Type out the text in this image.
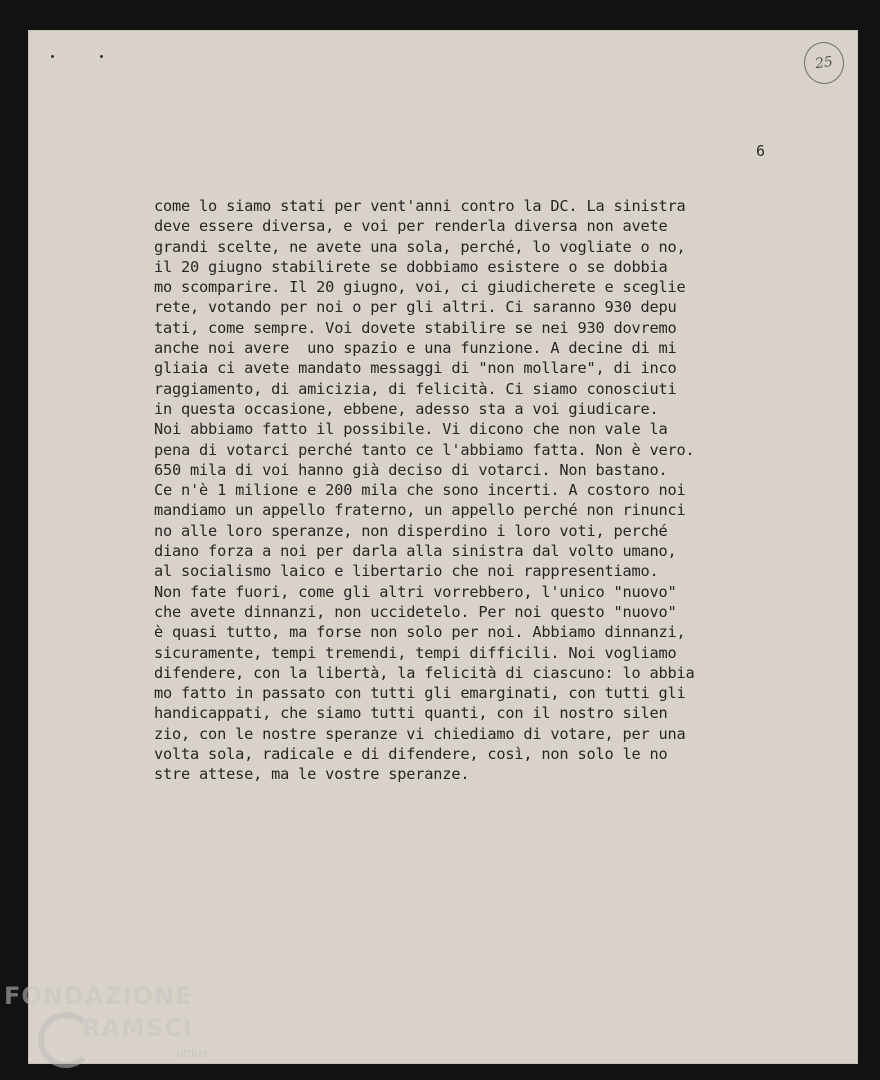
25
6
come lo siamo stati per vent'anni contro la DC. La sinistra
deve essere diversa, e voi per renderla diversa non avete
grandi scelte, ne avete una sola, perché, lo vogliate o no,
il 20 giugno stabilirete se dobbiamo esistere o se dobbia
mo scomparire. Il 20 giugno, voi, ci giudicherete e sceglie
rete, votando per noi o per gli altri. Ci saranno 930 depu
tati, come sempre. Voi dovete stabilire se nei 930 dovremo
anche noi avere  uno spazio e una funzione. A decine di mi
gliaia ci avete mandato messaggi di "non mollare", di inco
raggiamento, di amicizia, di felicità. Ci siamo conosciuti
in questa occasione, ebbene, adesso sta a voi giudicare.
Noi abbiamo fatto il possibile. Vi dicono che non vale la
pena di votarci perché tanto ce l'abbiamo fatta. Non è vero.
650 mila di voi hanno già deciso di votarci. Non bastano.
Ce n'è 1 milione e 200 mila che sono incerti. A costoro noi
mandiamo un appello fraterno, un appello perché non rinunci
no alle loro speranze, non disperdino i loro voti, perché
diano forza a noi per darla alla sinistra dal volto umano,
al socialismo laico e libertario che noi rappresentiamo.
Non fate fuori, come gli altri vorrebbero, l'unico "nuovo"
che avete dinnanzi, non uccidetelo. Per noi questo "nuovo"
è quasi tutto, ma forse non solo per noi. Abbiamo dinnanzi,
sicuramente, tempi tremendi, tempi difficili. Noi vogliamo
difendere, con la libertà, la felicità di ciascuno: lo abbia
mo fatto in passato con tutti gli emarginati, con tutti gli
handicappati, che siamo tutti quanti, con il nostro silen
zio, con le nostre speranze vi chiediamo di votare, per una
volta sola, radicale e di difendere, così, non solo le no
stre attese, ma le vostre speranze.
FONDAZIONE
RAMSCI
onlus
